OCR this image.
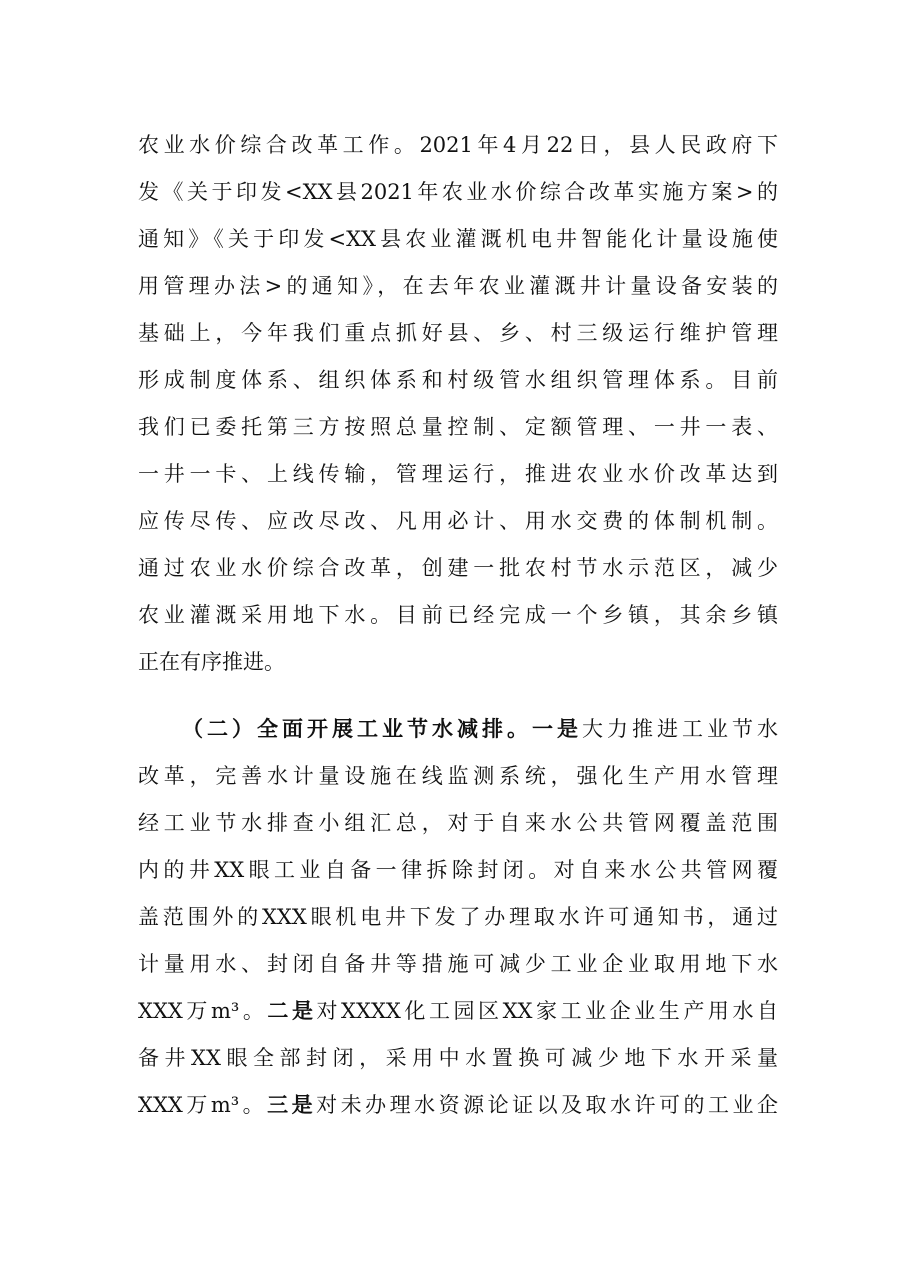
农业水价综合改革工作。2021年4月22日，县人民政府下
发《关于印发<XX县2021年农业水价综合改革实施方案>的
通知》《关于印发<XX县农业灌溉机电井智能化计量设施使
用管理办法>的通知》，在去年农业灌溉井计量设备安装的
基础上，今年我们重点抓好县、乡、村三级运行维护管理
形成制度体系、组织体系和村级管水组织管理体系。目前
我们已委托第三方按照总量控制、定额管理、一井一表、
一井一卡、上线传输，管理运行，推进农业水价改革达到
应传尽传、应改尽改、凡用必计、用水交费的体制机制。
通过农业水价综合改革，创建一批农村节水示范区，减少
农业灌溉采用地下水。目前已经完成一个乡镇，其余乡镇
正在有序推进。
（二）全面开展工业节水减排。一是大力推进工业节水
改革，完善水计量设施在线监测系统，强化生产用水管理
经工业节水排查小组汇总，对于自来水公共管网覆盖范围
内的井XX眼工业自备一律拆除封闭。对自来水公共管网覆
盖范围外的XXX眼机电井下发了办理取水许可通知书，通过
计量用水、封闭自备井等措施可减少工业企业取用地下水
XXX万m³。二是对XXXX化工园区XX家工业企业生产用水自
备井XX眼全部封闭，采用中水置换可减少地下水开采量
XXX万m³。三是对未办理水资源论证以及取水许可的工业企
